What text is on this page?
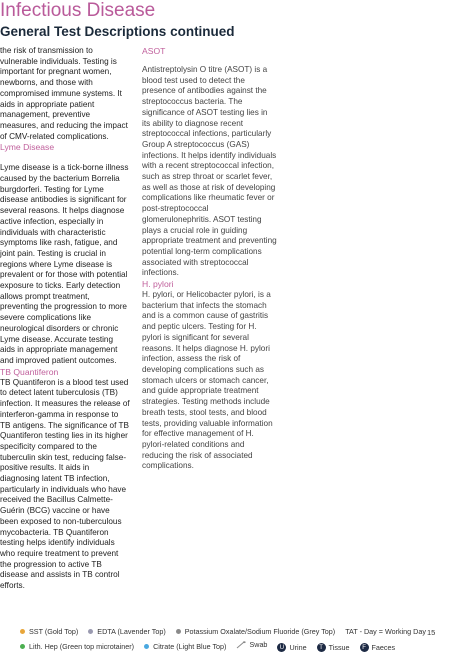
Infectious Disease
General Test Descriptions continued

the risk of transmission to vulnerable individuals. Testing is important for pregnant women, newborns, and those with compromised immune systems. It aids in appropriate patient management, preventive measures, and reducing the impact of CMV-related complications.

Lyme Disease

Lyme disease is a tick-borne illness caused by the bacterium Borrelia burgdorferi. Testing for Lyme disease antibodies is significant for several reasons. It helps diagnose active infection, especially in individuals with characteristic symptoms like rash, fatigue, and joint pain. Testing is crucial in regions where Lyme disease is prevalent or for those with potential exposure to ticks. Early detection allows prompt treatment, preventing the progression to more severe complications like neurological disorders or chronic Lyme disease. Accurate testing aids in appropriate management and improved patient outcomes.

TB Quantiferon

TB Quantiferon is a blood test used to detect latent tuberculosis (TB) infection. It measures the release of interferon-gamma in response to TB antigens. The significance of TB Quantiferon testing lies in its higher specificity compared to the tuberculin skin test, reducing false-positive results. It aids in diagnosing latent TB infection, particularly in individuals who have received the Bacillus Calmette-Guérin (BCG) vaccine or have been exposed to non-tuberculous mycobacteria. TB Quantiferon testing helps identify individuals who require treatment to prevent the progression to active TB disease and assists in TB control efforts.

ASOT

Antistreptolysin O titre (ASOT) is a blood test used to detect the presence of antibodies against the streptococcus bacteria. The significance of ASOT testing lies in its ability to diagnose recent streptococcal infections, particularly Group A streptococcus (GAS) infections. It helps identify individuals with a recent streptococcal infection, such as strep throat or scarlet fever, as well as those at risk of developing complications like rheumatic fever or post-streptococcal glomerulonephritis. ASOT testing plays a crucial role in guiding appropriate treatment and preventing potential long-term complications associated with streptococcal infections.

H. pylori

H. pylori, or Helicobacter pylori, is a bacterium that infects the stomach and is a common cause of gastritis and peptic ulcers. Testing for H. pylori is significant for several reasons. It helps diagnose H. pylori infection, assess the risk of developing complications such as stomach ulcers or stomach cancer, and guide appropriate treatment strategies. Testing methods include breath tests, stool tests, and blood tests, providing valuable information for effective management of H. pylori-related conditions and reducing the risk of associated complications.

SST (Gold Top)
	EDTA (Lavender Top)
	Potassium Oxalate/Sodium Fluoride (Grey Top)
TAT - Day = Working Day
Lith. Hep (Green top microtainer)
	Citrate (Light Blue Top)
	Swab
	U Urine
	T Tissue
	F Faeces
15
